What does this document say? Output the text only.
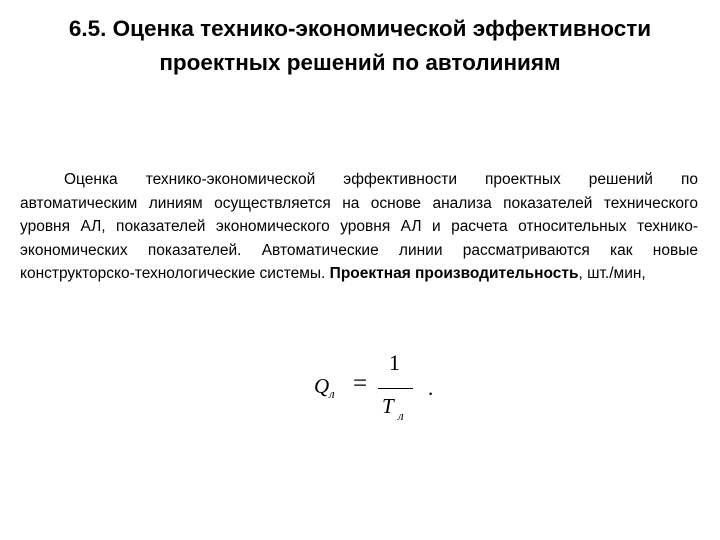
6.5. Оценка технико-экономической эффективности проектных решений по автолиниям

Оценка технико-экономической эффективности проектных решений по автоматическим линиям осуществляется на основе анализа показателей технического уровня АЛ, показателей экономического уровня АЛ и расчета относительных технико-экономических показателей. Автоматические линии рассматриваются как новые конструкторско-технологические системы. Проектная производительность, шт./мин,

Q л =
1
T л
.
